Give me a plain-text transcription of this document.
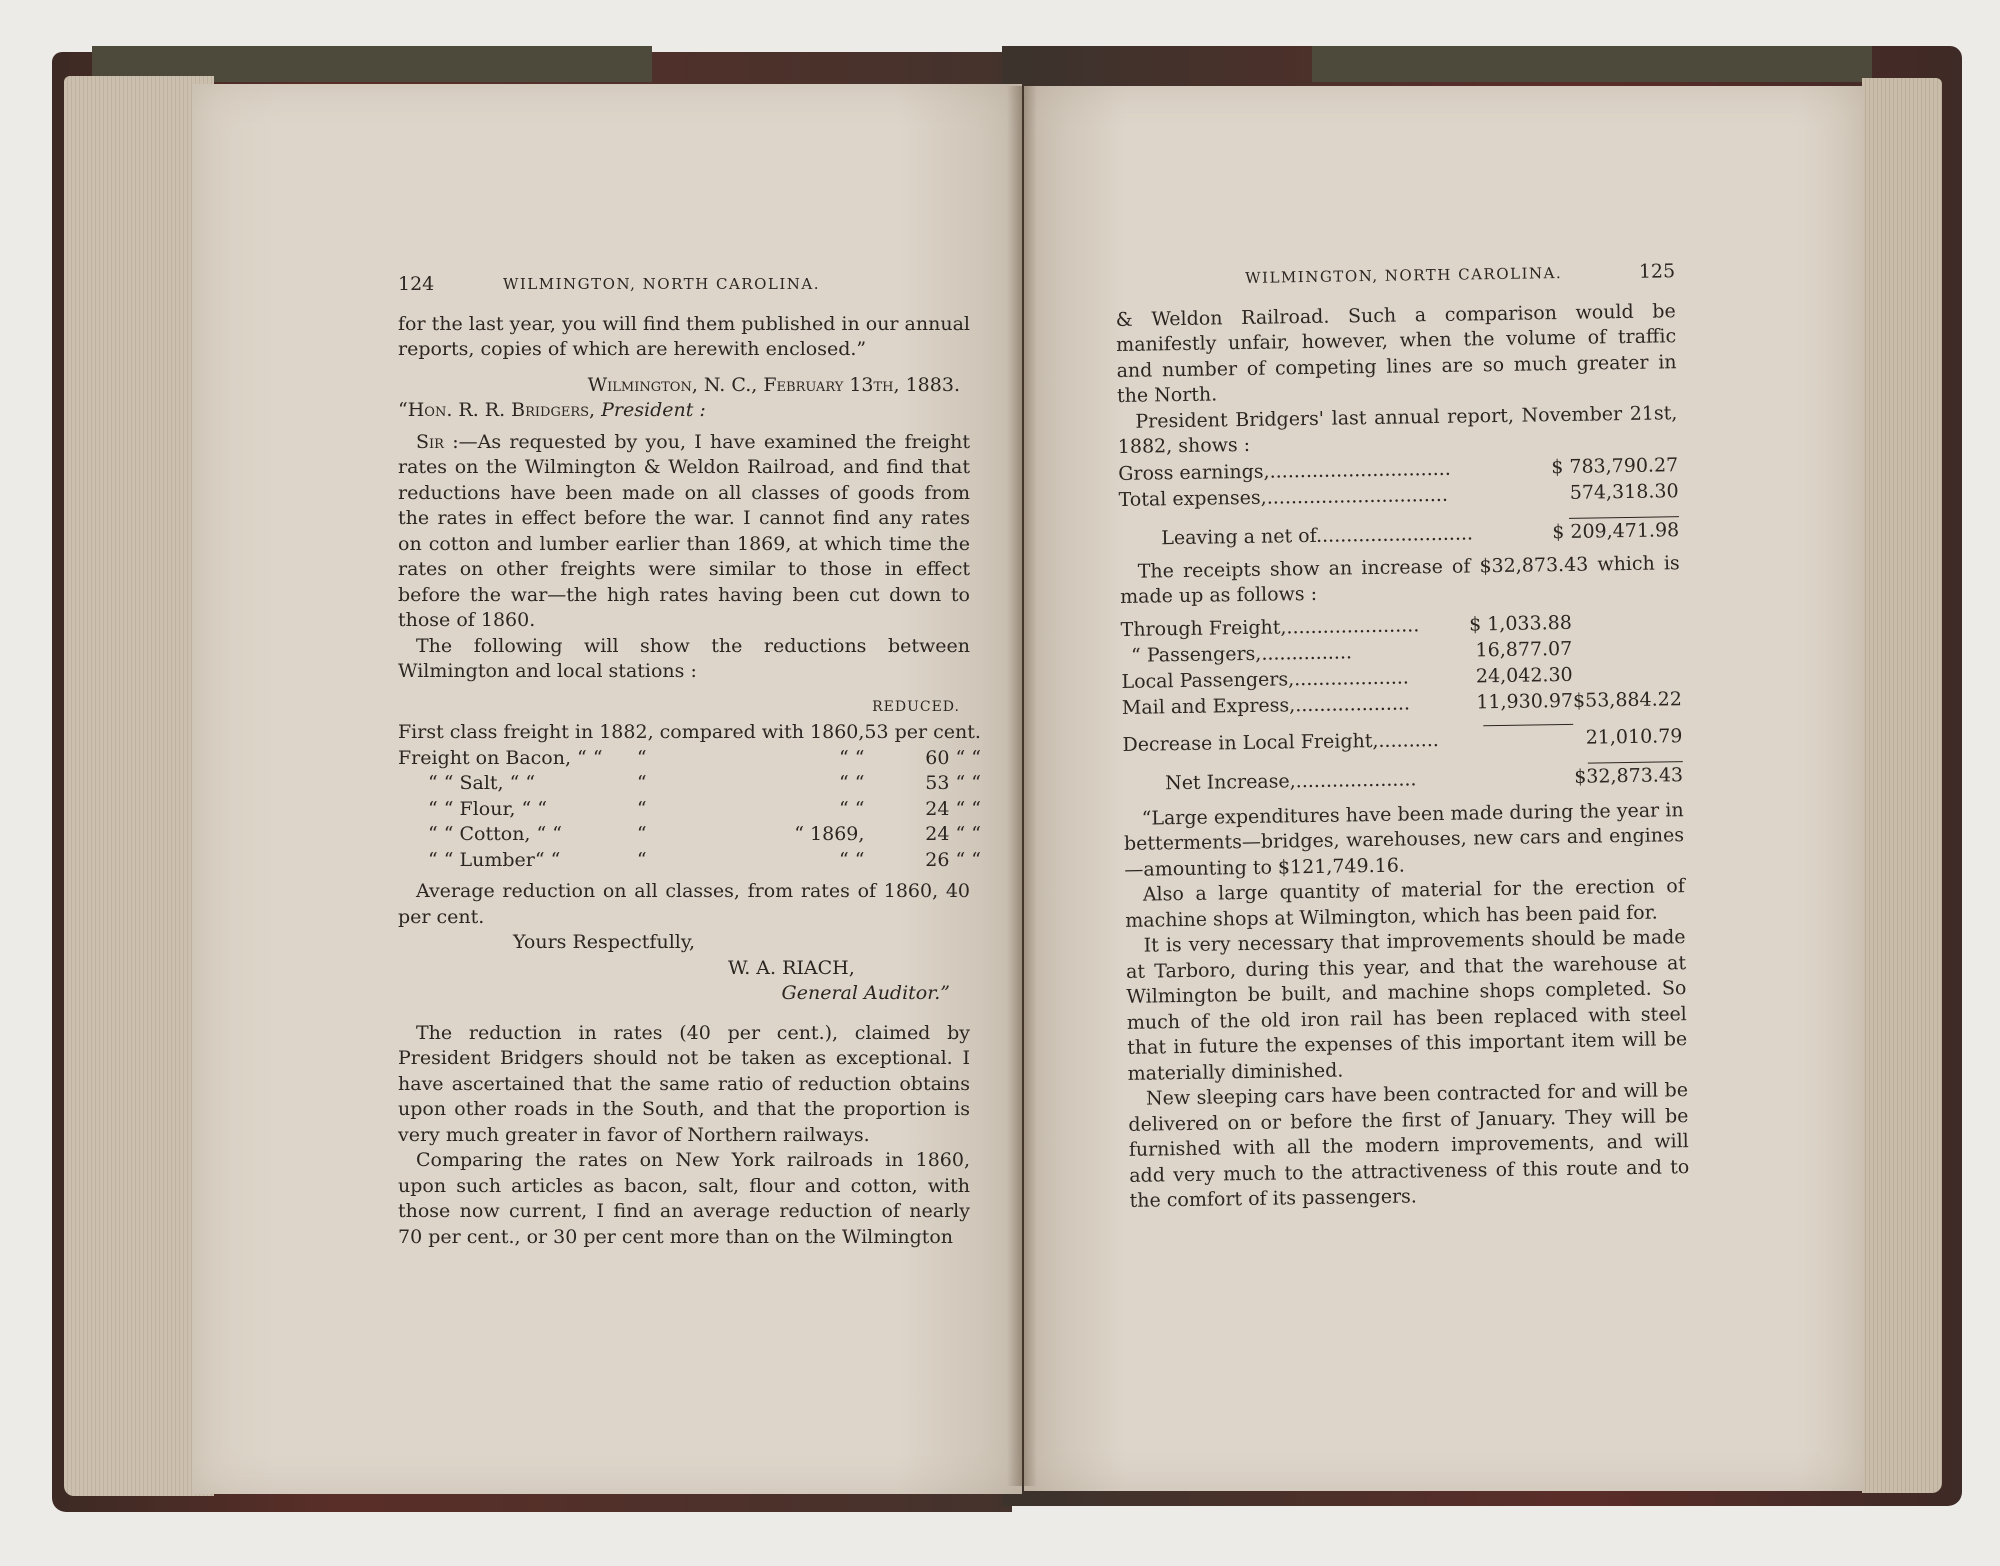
124	WILMINGTON, NORTH CAROLINA.

for the last year, you will find them published in our annual reports, copies of which are herewith enclosed.”

Wilmington, N. C., February 13th, 1883.

“Hon. R. R. Bridgers, President :

Sir :—As requested by you, I have examined the freight rates on the Wilmington & Weldon Railroad, and find that reductions have been made on all classes of goods from the rates in effect before the war. I cannot find any rates on cotton and lumber earlier than 1869, at which time the rates on other freights were similar to those in effect before the war—the high rates having been cut down to those of 1860.

The following will show the reductions between Wilmington and local stations :

REDUCED.

First class freight in 1882, compared with 1860,			53 per cent.
Freight on Bacon, “ “	“	“ “	60 “ “
“ “ Salt, “ “	“	“ “	53 “ “
“ “ Flour, “ “	“	“ “	24 “ “
“ “ Cotton, “ “	“	“ 1869,	24 “ “
“ “ Lumber“ “	“	“ “	26 “ “

Average reduction on all classes, from rates of 1860, 40 per cent.

Yours Respectfully,

W. A. RIACH,

General Auditor.”

The reduction in rates (40 per cent.), claimed by President Bridgers should not be taken as exceptional. I have ascertained that the same ratio of reduction obtains upon other roads in the South, and that the proportion is very much greater in favor of Northern railways.

Comparing the rates on New York railroads in 1860, upon such articles as bacon, salt, flour and cotton, with those now current, I find an average reduction of nearly 70 per cent., or 30 per cent more than on the Wilmington

WILMINGTON, NORTH CAROLINA.	125

& Weldon Railroad. Such a comparison would be manifestly unfair, however, when the volume of traffic and number of competing lines are so much greater in the North.

President Bridgers' last annual report, November 21st, 1882, shows :

Gross earnings,..............................	$ 783,790.27
Total expenses,..............................	574,318.30

Leaving a net of..........................	$ 209,471.98

The receipts show an increase of $32,873.43 which is made up as follows :

Through Freight,......................	$ 1,033.88	
“ Passengers,...............	16,877.07	
Local Passengers,...................	24,042.30	
Mail and Express,...................	11,930.97	$53,884.22

Decrease in Local Freight,..........		21,010.79

Net Increase,....................		$32,873.43

“Large expenditures have been made during the year in betterments—bridges, warehouses, new cars and engines—amounting to $121,749.16.

Also a large quantity of material for the erection of machine shops at Wilmington, which has been paid for.

It is very necessary that improvements should be made at Tarboro, during this year, and that the warehouse at Wilmington be built, and machine shops completed. So much of the old iron rail has been replaced with steel that in future the expenses of this important item will be materially diminished.

New sleeping cars have been contracted for and will be delivered on or before the first of January. They will be furnished with all the modern improvements, and will add very much to the attractiveness of this route and to the comfort of its passengers.
